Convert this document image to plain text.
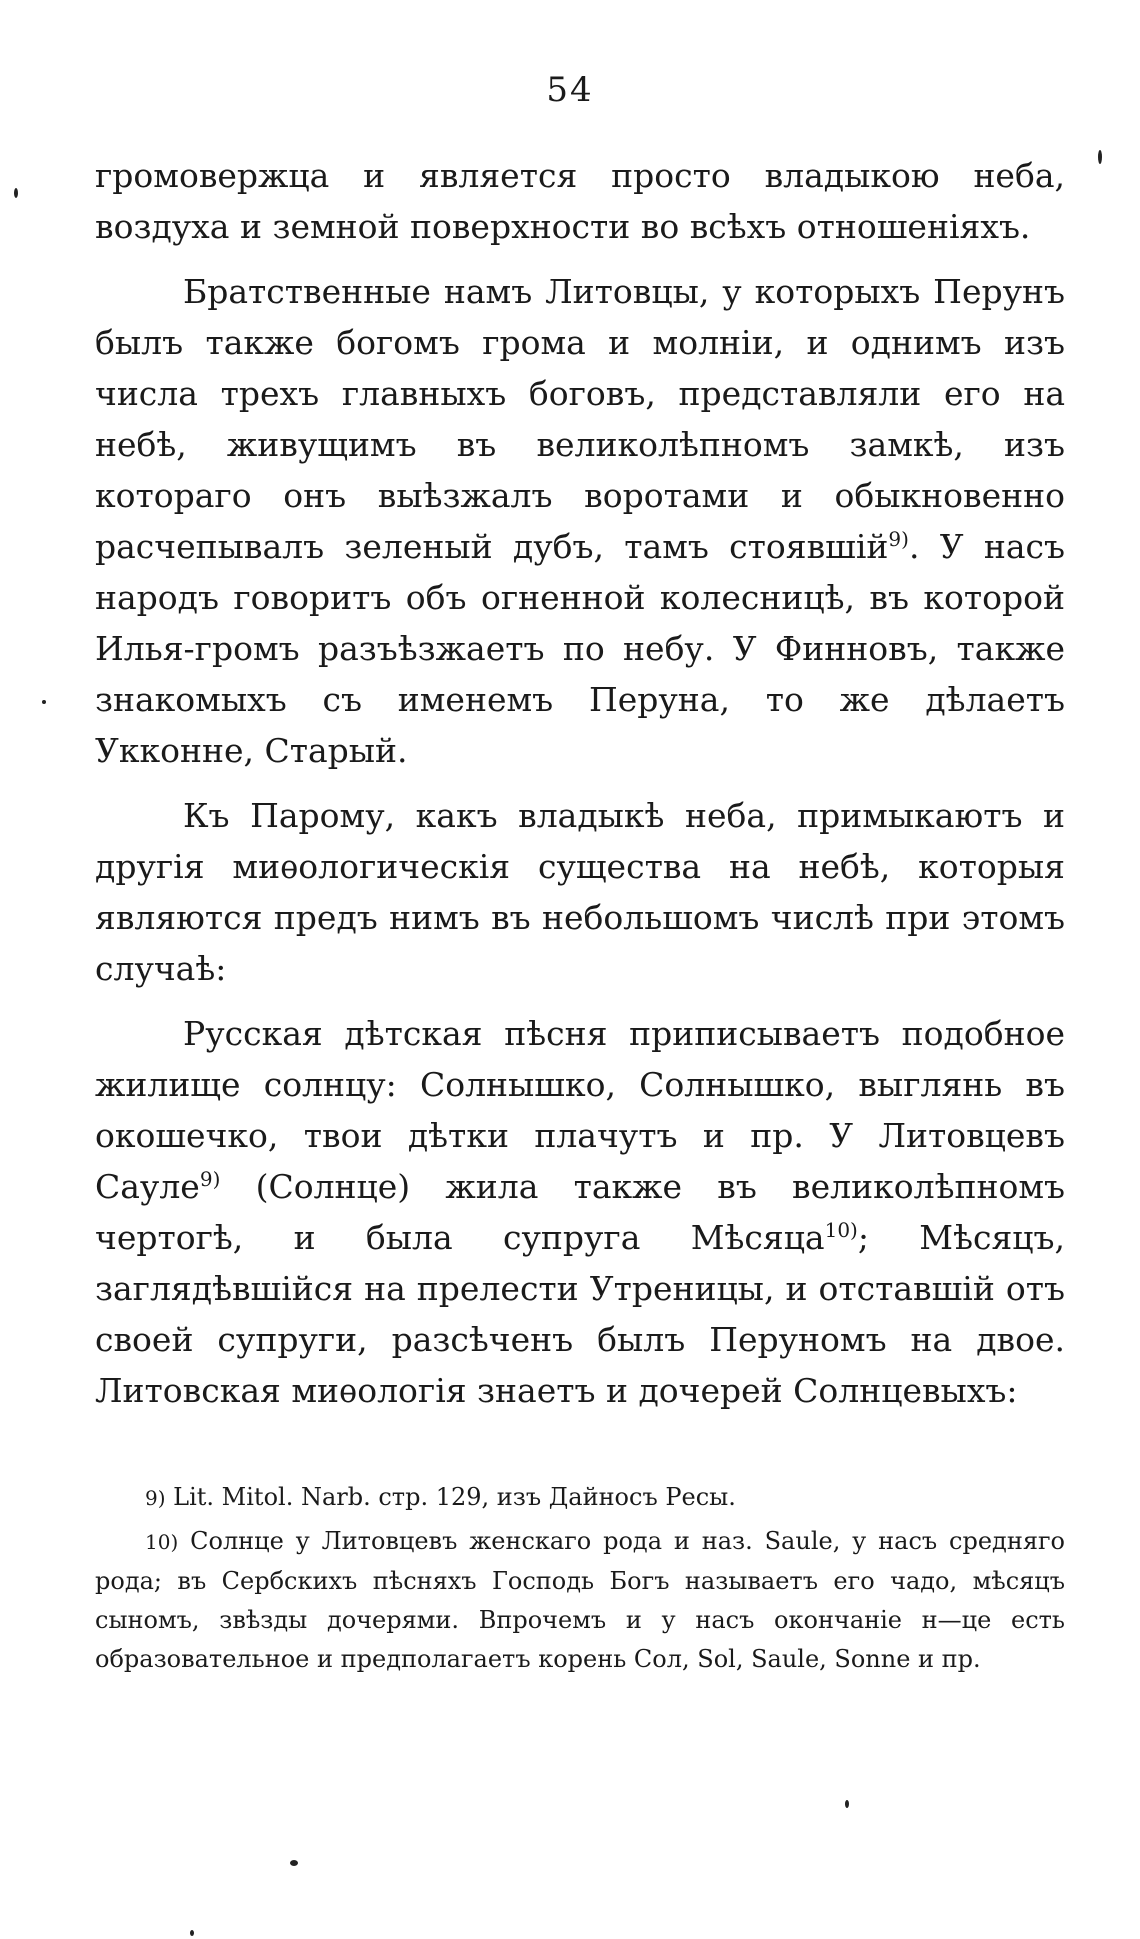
54

громовержца и является просто владыкою неба, воздуха и земной поверхности во всѣхъ отношеніяхъ.

Братственные намъ Литовцы, у которыхъ Перунъ былъ также богомъ грома и молніи, и однимъ изъ числа трехъ главныхъ боговъ, представляли его на небѣ, живущимъ въ великолѣпномъ замкѣ, изъ котораго онъ выѣзжалъ воротами и обыкновенно расчепывалъ зеленый дубъ, тамъ стоявшій$^{9)}$. У насъ народъ говоритъ объ огненной колесницѣ, въ которой Илья-громъ разъѣзжаетъ по небу. У Финновъ, также знакомыхъ съ именемъ Перуна, то же дѣлаетъ Укконне, Старый.

Къ Парому, какъ владыкѣ неба, примыкаютъ и другія миѳологическія существа на небѣ, которыя являются предъ нимъ въ небольшомъ числѣ при этомъ случаѣ:

Русская дѣтская пѣсня приписываетъ подобное жилище солнцу: Солнышко, Солнышко, выглянь въ окошечко, твои дѣтки плачутъ и пр. У Литовцевъ Сауле$^{9)}$ (Солнце) жила также въ великолѣпномъ чертогѣ, и была супруга Мѣсяца$^{10)}$; Мѣсяцъ, заглядѣвшійся на прелести Утреницы, и отставшій отъ своей супруги, разсѣченъ былъ Перуномъ на двое. Литовская миѳологія знаетъ и дочерей Солнцевыхъ:

9) Lit. Mitol. Narb. стр. 129, изъ Дайносъ Ресы.

10) Солнце у Литовцевъ женскаго рода и наз. Saule, у насъ средняго рода; въ Сербскихъ пѣсняхъ Господь Богъ называетъ его чадо, мѣсяцъ сыномъ, звѣзды дочерями. Впрочемъ и у насъ окончаніе н—це есть образовательное и предполагаетъ корень Сол, Sol, Saule, Sonne и пр.
